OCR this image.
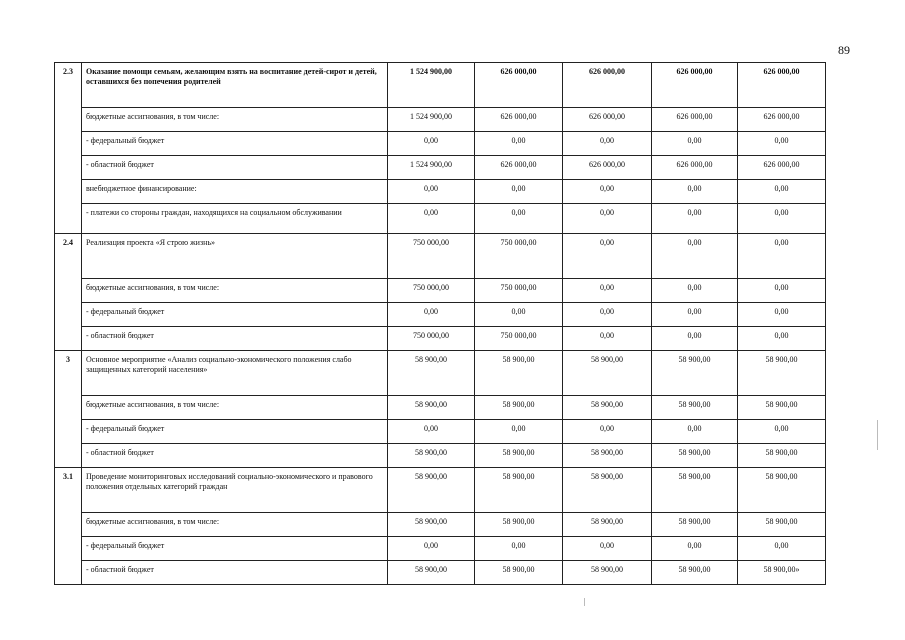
89
2.3	Оказание помощи семьям, желающим взять на воспитание детей-сирот и детей, оставшихся без попечения родителей	1 524 900,00	626 000,00	626 000,00	626 000,00	626 000,00
	бюджетные ассигнования, в том числе:	1 524 900,00	626 000,00	626 000,00	626 000,00	626 000,00
	- федеральный бюджет	0,00	0,00	0,00	0,00	0,00
	- областной бюджет	1 524 900,00	626 000,00	626 000,00	626 000,00	626 000,00
	внебюджетное финансирование:	0,00	0,00	0,00	0,00	0,00
	- платежи со стороны граждан, находящихся на социальном обслуживании	0,00	0,00	0,00	0,00	0,00
2.4	Реализация проекта «Я строю жизнь»	750 000,00	750 000,00	0,00	0,00	0,00
	бюджетные ассигнования, в том числе:	750 000,00	750 000,00	0,00	0,00	0,00
	- федеральный бюджет	0,00	0,00	0,00	0,00	0,00
	- областной бюджет	750 000,00	750 000,00	0,00	0,00	0,00
3	Основное мероприятие «Анализ социально-экономического положения слабо защищенных категорий населения»	58 900,00	58 900,00	58 900,00	58 900,00	58 900,00
	бюджетные ассигнования, в том числе:	58 900,00	58 900,00	58 900,00	58 900,00	58 900,00
	- федеральный бюджет	0,00	0,00	0,00	0,00	0,00
	- областной бюджет	58 900,00	58 900,00	58 900,00	58 900,00	58 900,00
3.1	Проведение мониторинговых исследований социально-экономического и правового положения отдельных категорий граждан	58 900,00	58 900,00	58 900,00	58 900,00	58 900,00
	бюджетные ассигнования, в том числе:	58 900,00	58 900,00	58 900,00	58 900,00	58 900,00
	- федеральный бюджет	0,00	0,00	0,00	0,00	0,00
	- областной бюджет	58 900,00	58 900,00	58 900,00	58 900,00	58 900,00»
